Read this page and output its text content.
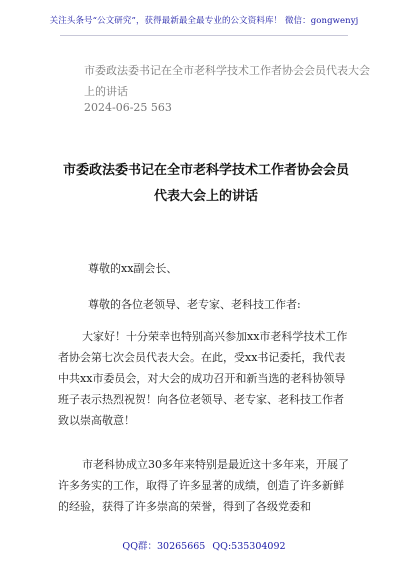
关注头条号“公文研究”，获得最新最全最专业的公文资料库！ 微信：gongwenyj
市委政法委书记在全市老科学技术工作者协会会员代表大会上的讲话
2024-06-25 563
市委政法委书记在全市老科学技术工作者协会会员代表大会上的讲话
尊敬的xx副会长、
尊敬的各位老领导、老专家、老科技工作者:
大家好！十分荣幸也特别高兴参加xx市老科学技术工作者协会第七次会员代表大会。在此，受xx书记委托，我代表中共xx市委员会，对大会的成功召开和新当选的老科协领导班子表示热烈祝贺！向各位老领导、老专家、老科技工作者致以崇高敬意！
市老科协成立30多年来特别是最近这十多年来，开展了许多务实的工作，取得了许多显著的成绩，创造了许多新鲜的经验，获得了许多崇高的荣誉，得到了各级党委和
QQ群：30265665 QQ:535304092
